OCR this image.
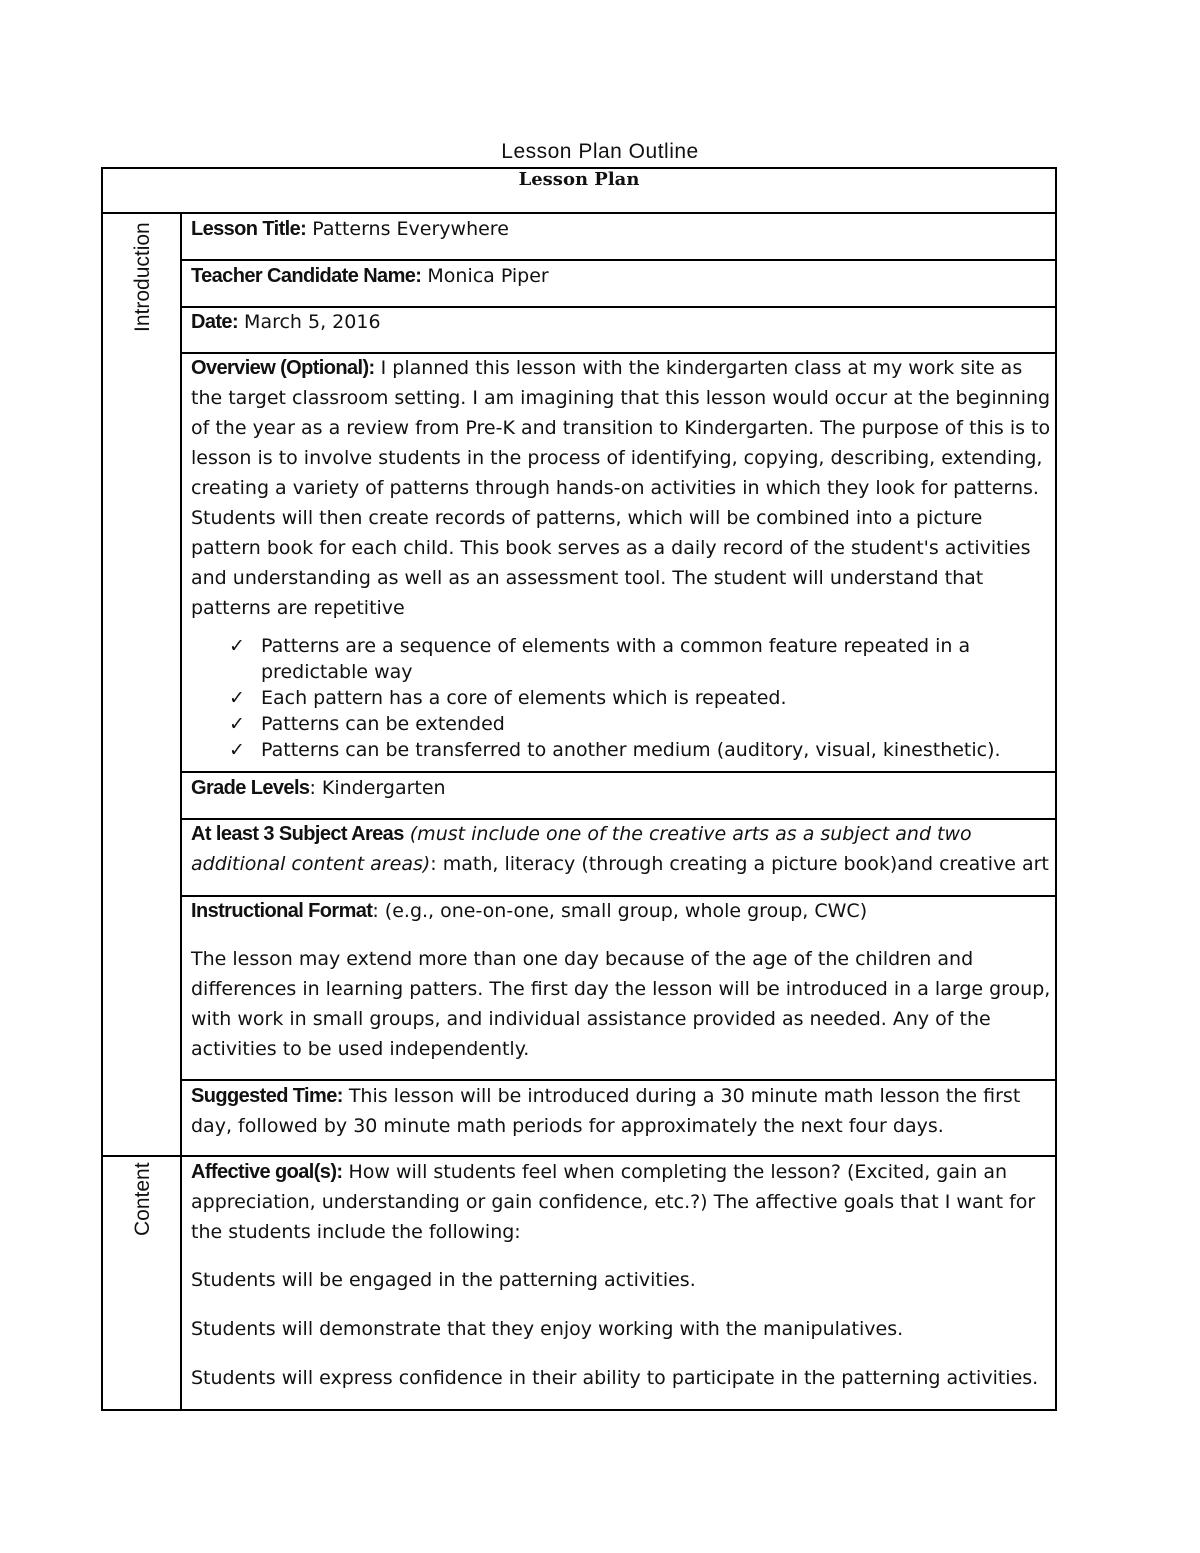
Lesson Plan Outline
Lesson Plan
Introduction
Content
Lesson Title: Patterns Everywhere
Teacher Candidate Name: Monica Piper
Date: March 5, 2016

Overview (Optional): I planned this lesson with the kindergarten class at my work site as the target classroom setting. I am imagining that this lesson would occur at the beginning of the year as a review from Pre-K and transition to Kindergarten. The purpose of this is to lesson is to involve students in the process of identifying, copying, describing, extending, creating a variety of patterns through hands-on activities in which they look for patterns. Students will then create records of patterns, which will be combined into a picture pattern book for each child. This book serves as a daily record of the student's activities and understanding as well as an assessment tool. The student will understand that patterns are repetitive

✓ Patterns are a sequence of elements with a common feature repeated in a predictable way
✓ Each pattern has a core of elements which is repeated.
✓ Patterns can be extended
✓ Patterns can be transferred to another medium (auditory, visual, kinesthetic).
Grade Levels: Kindergarten
At least 3 Subject Areas (must include one of the creative arts as a subject and two additional content areas): math, literacy (through creating a picture book)and creative art

Instructional Format: (e.g., one-on-one, small group, whole group, CWC)

The lesson may extend more than one day because of the age of the children and differences in learning patters. The first day the lesson will be introduced in a large group, with work in small groups, and individual assistance provided as needed. Any of the activities to be used independently.

Suggested Time: This lesson will be introduced during a 30 minute math lesson the first day, followed by 30 minute math periods for approximately the next four days.

Affective goal(s): How will students feel when completing the lesson? (Excited, gain an appreciation, understanding or gain confidence, etc.?) The affective goals that I want for the students include the following:

Students will be engaged in the patterning activities.

Students will demonstrate that they enjoy working with the manipulatives.

Students will express confidence in their ability to participate in the patterning activities.
